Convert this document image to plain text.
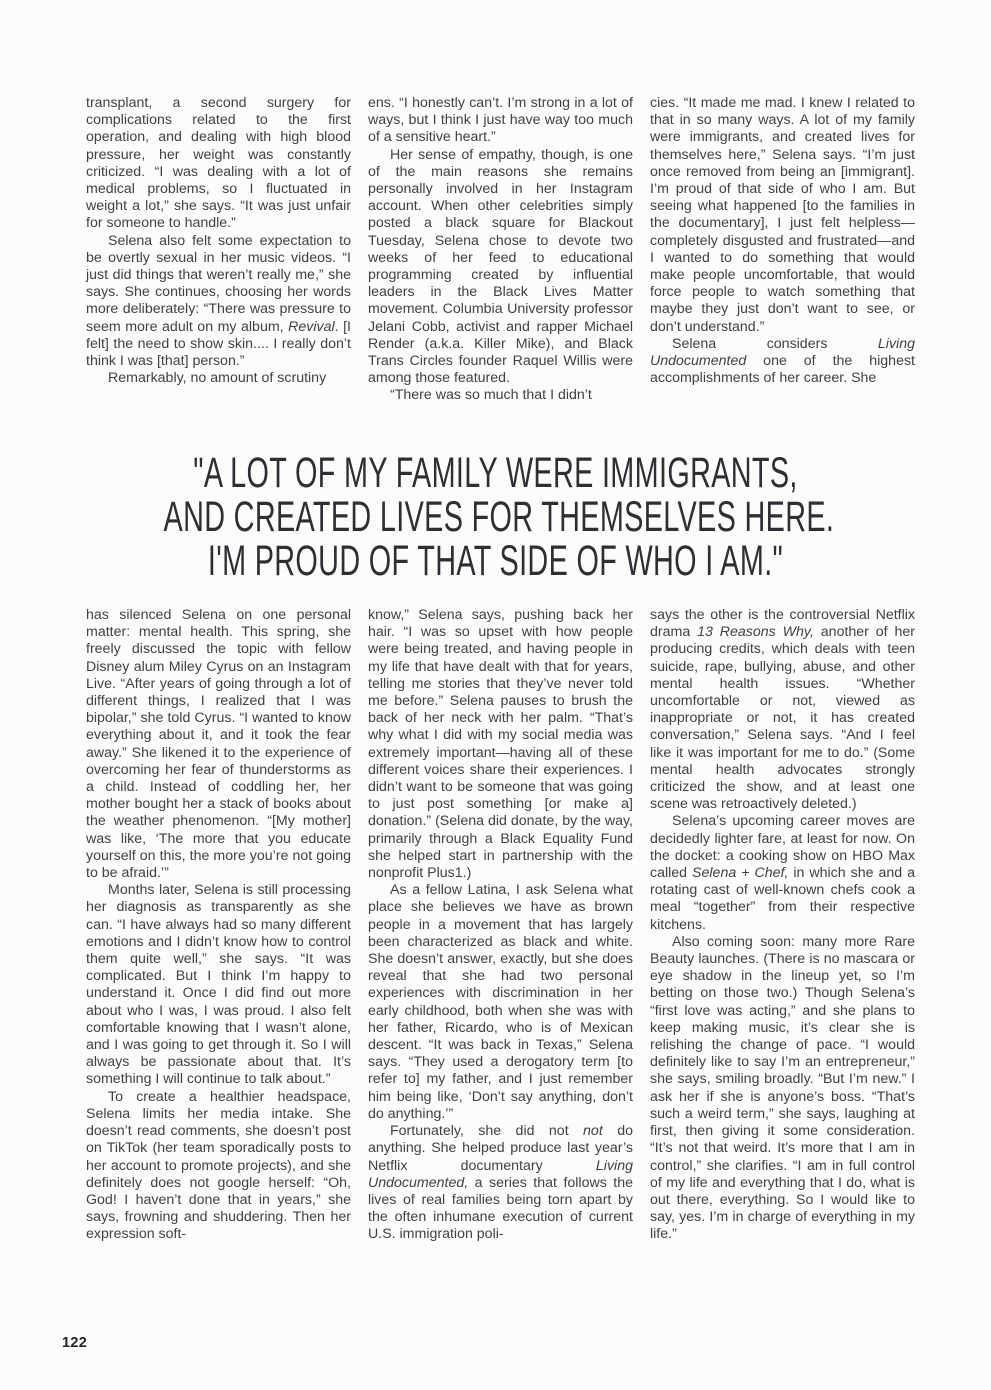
transplant, a second surgery for complications related to the first operation, and dealing with high blood pressure, her weight was constantly criticized. “I was dealing with a lot of medical problems, so I fluctuated in weight a lot,” she says. “It was just unfair for someone to handle.”

Selena also felt some expectation to be overtly sexual in her music videos. “I just did things that weren’t really me,” she says. She continues, choosing her words more deliberately: “There was pressure to seem more adult on my album, Revival. [I felt] the need to show skin.... I really don’t think I was [that] person.”

Remarkably, no amount of scrutiny

ens. “I honestly can’t. I’m strong in a lot of ways, but I think I just have way too much of a sensitive heart.”

Her sense of empathy, though, is one of the main reasons she remains personally involved in her Instagram account. When other celebrities simply posted a black square for Blackout Tuesday, Selena chose to devote two weeks of her feed to educational programming created by influential leaders in the Black Lives Matter movement. Columbia University professor Jelani Cobb, activist and rapper Michael Render (a.k.a. Killer Mike), and Black Trans Circles founder Raquel Willis were among those featured.

“There was so much that I didn’t

cies. “It made me mad. I knew I related to that in so many ways. A lot of my family were immigrants, and created lives for themselves here,” Selena says. “I’m just once removed from being an [immigrant]. I’m proud of that side of who I am. But seeing what happened [to the families in the documentary], I just felt helpless—completely disgusted and frustrated—and I wanted to do something that would make people uncomfortable, that would force people to watch something that maybe they just don’t want to see, or don’t understand.”

Selena considers Living Undocumented one of the highest accomplishments of her career. She

"A LOT OF MY FAMILY WERE IMMIGRANTS,
AND CREATED LIVES FOR THEMSELVES HERE.
I'M PROUD OF THAT SIDE OF WHO I AM."

has silenced Selena on one personal matter: mental health. This spring, she freely discussed the topic with fellow Disney alum Miley Cyrus on an Instagram Live. “After years of going through a lot of different things, I realized that I was bipolar,” she told Cyrus. “I wanted to know everything about it, and it took the fear away.” She likened it to the experience of overcoming her fear of thunderstorms as a child. Instead of coddling her, her mother bought her a stack of books about the weather phenomenon. “[My mother] was like, ‘The more that you educate yourself on this, the more you’re not going to be afraid.’”

Months later, Selena is still processing her diagnosis as transparently as she can. “I have always had so many different emotions and I didn’t know how to control them quite well,” she says. “It was complicated. But I think I’m happy to understand it. Once I did find out more about who I was, I was proud. I also felt comfortable knowing that I wasn’t alone, and I was going to get through it. So I will always be passionate about that. It’s something I will continue to talk about.”

To create a healthier headspace, Selena limits her media intake. She doesn’t read comments, she doesn’t post on TikTok (her team sporadically posts to her account to promote projects), and she definitely does not google herself: “Oh, God! I haven’t done that in years,” she says, frowning and shuddering. Then her expression soft-

know,” Selena says, pushing back her hair. “I was so upset with how people were being treated, and having people in my life that have dealt with that for years, telling me stories that they’ve never told me before.” Selena pauses to brush the back of her neck with her palm. “That’s why what I did with my social media was extremely important—having all of these different voices share their experiences. I didn’t want to be someone that was going to just post something [or make a] donation.” (Selena did donate, by the way, primarily through a Black Equality Fund she helped start in partnership with the nonprofit Plus1.)

As a fellow Latina, I ask Selena what place she believes we have as brown people in a movement that has largely been characterized as black and white. She doesn’t answer, exactly, but she does reveal that she had two personal experiences with discrimination in her early childhood, both when she was with her father, Ricardo, who is of Mexican descent. “It was back in Texas,” Selena says. “They used a derogatory term [to refer to] my father, and I just remember him being like, ‘Don’t say anything, don’t do anything.’”

Fortunately, she did not not do anything. She helped produce last year’s Netflix documentary Living Undocumented, a series that follows the lives of real families being torn apart by the often inhumane execution of current U.S. immigration poli-

says the other is the controversial Netflix drama 13 Reasons Why, another of her producing credits, which deals with teen suicide, rape, bullying, abuse, and other mental health issues. “Whether uncomfortable or not, viewed as inappropriate or not, it has created conversation,” Selena says. “And I feel like it was important for me to do.” (Some mental health advocates strongly criticized the show, and at least one scene was retroactively deleted.)

Selena’s upcoming career moves are decidedly lighter fare, at least for now. On the docket: a cooking show on HBO Max called Selena + Chef, in which she and a rotating cast of well-known chefs cook a meal “together” from their respective kitchens.

Also coming soon: many more Rare Beauty launches. (There is no mascara or eye shadow in the lineup yet, so I’m betting on those two.) Though Selena’s “first love was acting,” and she plans to keep making music, it’s clear she is relishing the change of pace. “I would definitely like to say I’m an entrepreneur,” she says, smiling broadly. “But I’m new.” I ask her if she is anyone’s boss. “That’s such a weird term,” she says, laughing at first, then giving it some consideration. “It’s not that weird. It’s more that I am in control,” she clarifies. “I am in full control of my life and everything that I do, what is out there, everything. So I would like to say, yes. I’m in charge of everything in my life.”

122
